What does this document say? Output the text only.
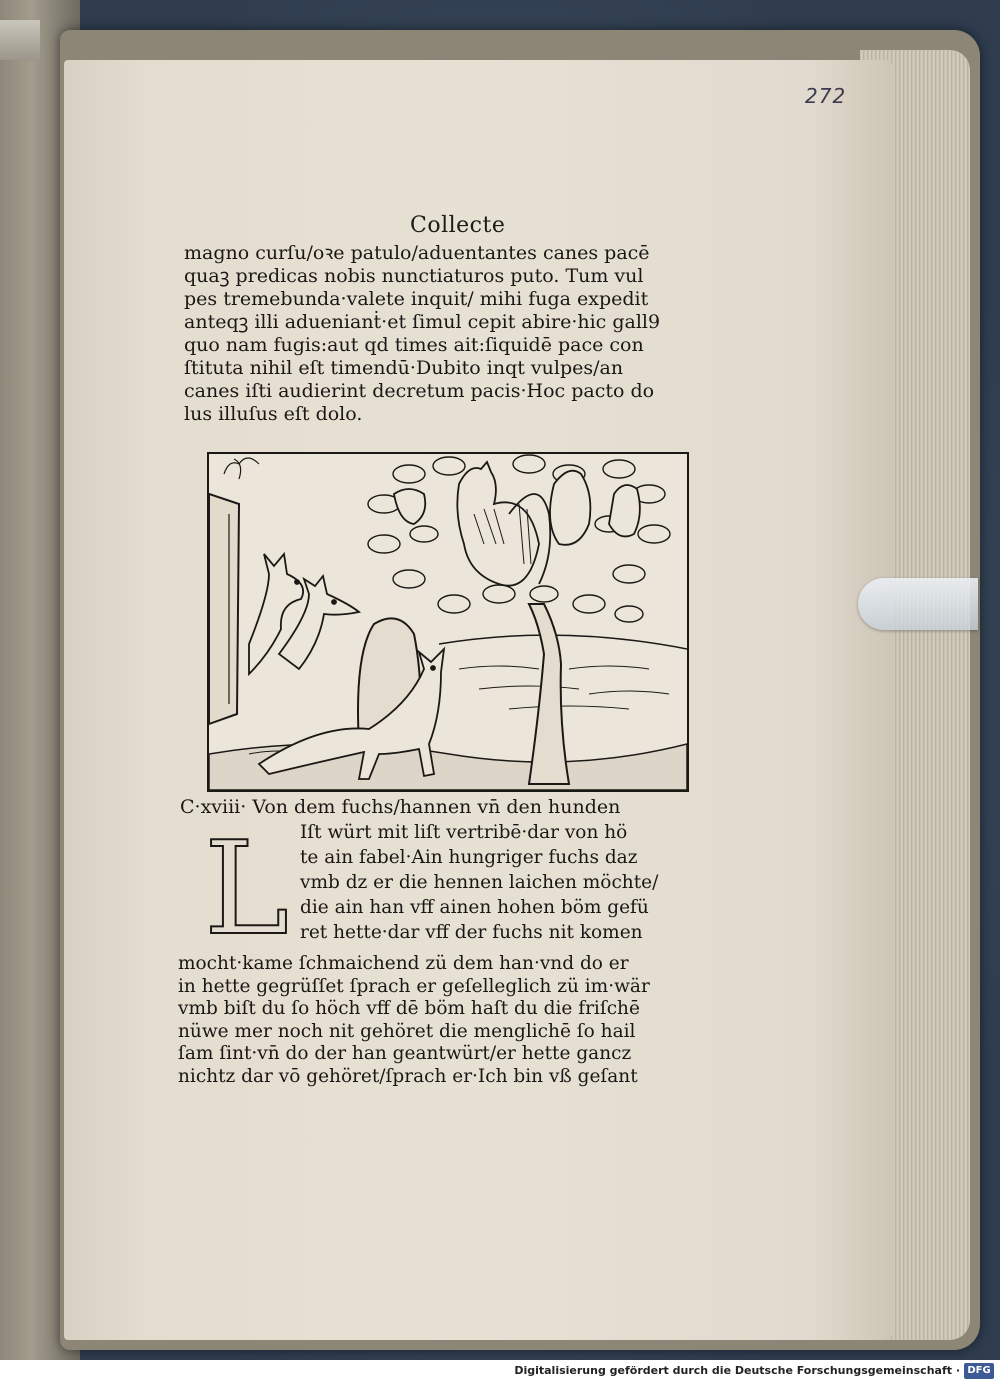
272
Collecte
magno curſu/oꝛe patulo/aduentantes canes pacē
quaꝫ predicas nobis nunctiaturos puto. Tum vul
pes tremebunda·valete inquit/ mihi fuga expedit
anteqꝫ illi aduenianṫ·et ſimul cepit abire·hic gall9
quo nam fugis:aut qd times ait:ſiquidē pace con
ſtituta nihil eſt timendū·Dubito inqt vulpes/an
canes iſti audierint decretum pacis·Hoc pacto do
lus illuſus eſt dolo.
C·xviii· Von dem fuchs/hannen vn̄ den hunden
L Iſt würt mit liſt vertribē·dar von hö
te ain fabel·Ain hungriger fuchs daz
vmb dz er die hennen laichen möchte/
die ain han vff ainen hohen böm gefü
ret hette·dar vff der fuchs nit komen
mocht·kame ſchmaichend zü dem han·vnd do er
in hette gegrüſſet ſprach er geſelleglich zü im·wär
vmb biſt du ſo höch vff dē böm haſt du die friſchē
nüwe mer noch nit gehöret die menglichē ſo hail
ſam ſint·vn̄ do der han geantwürt/er hette gancz
nichtz dar vō gehöret/ſprach er·Ich bin vß geſant
Digitalisierung gefördert durch die Deutsche Forschungsgemeinschaft · DFG
